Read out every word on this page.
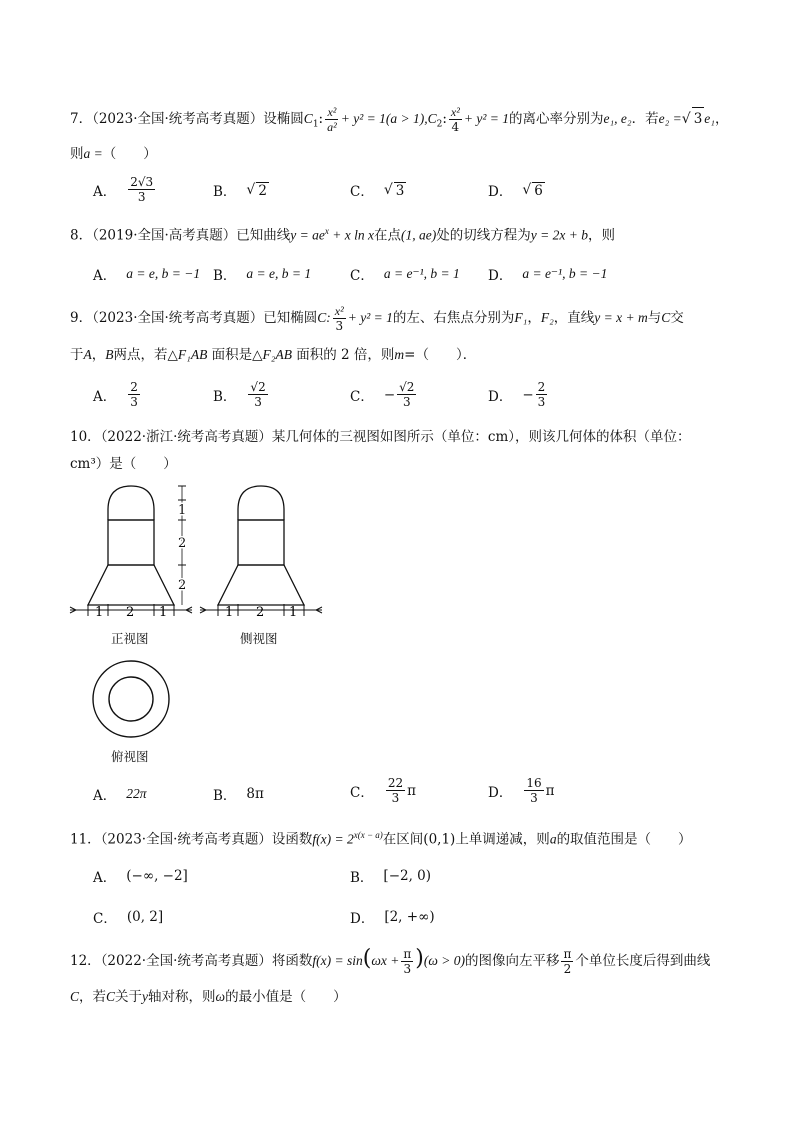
7．（2023·全国·统考高考真题）设椭圆$C_1$: $\frac{\text{x²}}{\text{a²}} + y^2 = 1(a > 1),C_2$: $\frac{\text{x²}}{4} + y^2 = 1$的离心率分别为e₁, e₂．若e₂ =√ 3 e₁，
则a =（　　）
A． $\frac{2√3}{3}$	B． √ 2	C． √ 3	D． √ 6
8．（2019·全国·高考真题）已知曲线$y = ae^x + x$ ln x在点(1, ae)处的切线方程为y = 2x + b，则
A． a = e, b = −1 B． a = e, b = 1	C． a = e⁻¹, b = 1 D． a = e⁻¹, b = −1
9．（2023·全国·统考高考真题）已知椭圆C: $\frac{\text{x²}}{3} + y^2 = 1$的左、右焦点分别为F₁，F₂，直线y = x + m与C交
于A，B两点，若△F₁AB 面积是△F₂AB 面积的 2 倍，则m=（　　）．
A． $\frac{2}{3}$	B． $\frac{√2}{3}$	C． − $\frac{√2}{3}$	D． − $\frac{2}{3}$
10．（2022·浙江·统考高考真题）某几何体的三视图如图所示（单位：cm），则该几何体的体积（单位：
cm³）是（　　）
1 2 1
1
2
2
正视图
1 2 1
侧视图
俯视图
A． 22π	B． 8π	C． $\frac{22}{3}$ π	D． $\frac{16}{3}$ π
11．（2023·全国·统考高考真题）设函数$f(x) = 2^{x(x - a)}$在区间(0,1)上单调递减，则a的取值范围是（　　）
A． (−∞, −2]	B． [−2, 0)
C． (0, 2]	D． [2, +∞)
12．（2022·全国·统考高考真题）将函数$f(x) = \sin(\omega x + \frac{\pi}{3} )(\omega > 0)$的图像向左平移 $\frac{\pi}{2}$ 个单位长度后得到曲线
C，若C关于y轴对称，则ω的最小值是（　　）
